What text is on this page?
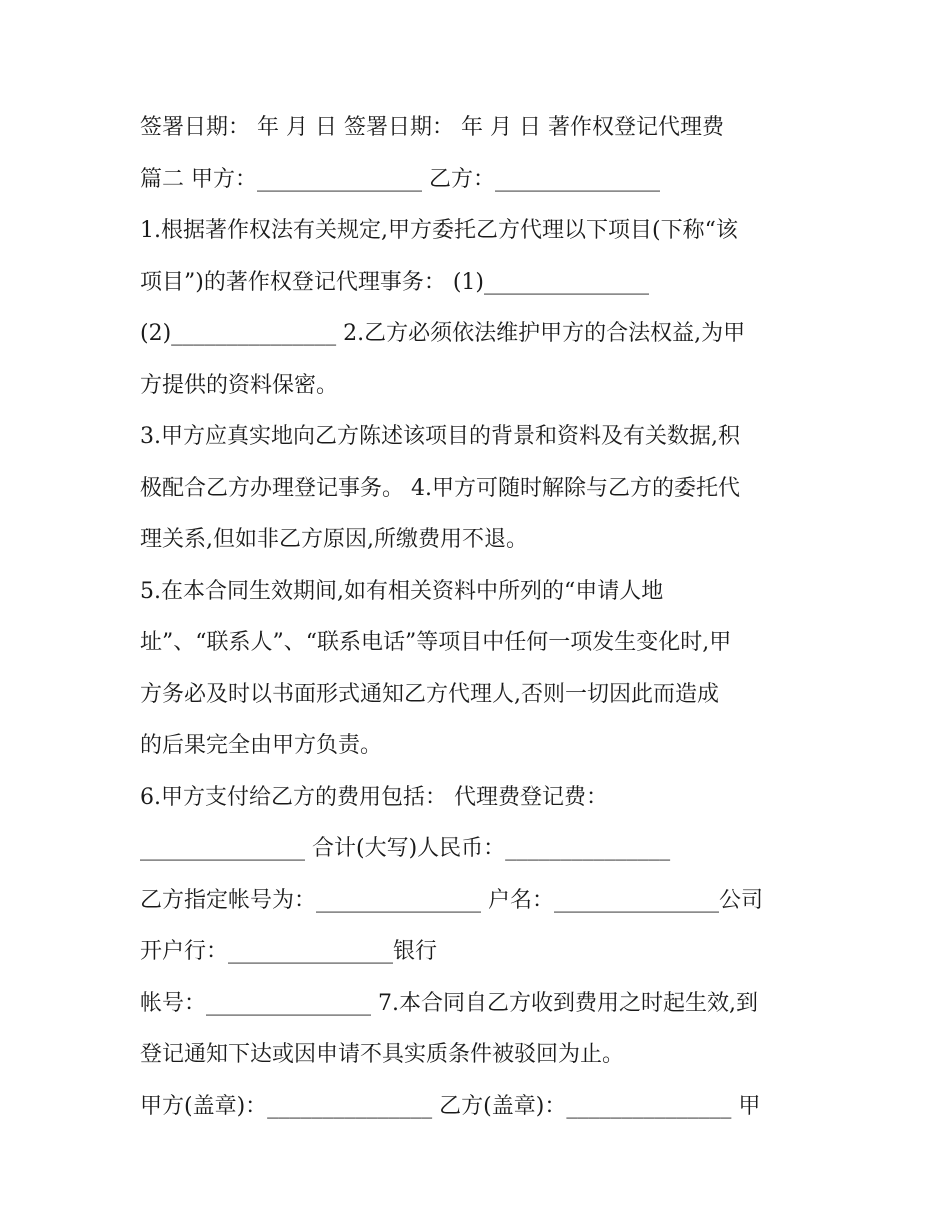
签署日期： 年 月 日 签署日期： 年 月 日 著作权登记代理费
篇二 甲方：_______________ 乙方：_______________
1.根据著作权法有关规定,甲方委托乙方代理以下项目(下称“该
项目”)的著作权登记代理事务： (1)_______________
(2)_______________ 2.乙方必须依法维护甲方的合法权益,为甲
方提供的资料保密。
3.甲方应真实地向乙方陈述该项目的背景和资料及有关数据,积
极配合乙方办理登记事务。 4.甲方可随时解除与乙方的委托代
理关系,但如非乙方原因,所缴费用不退。
5.在本合同生效期间,如有相关资料中所列的“申请人地
址”、“联系人”、“联系电话”等项目中任何一项发生变化时,甲
方务必及时以书面形式通知乙方代理人,否则一切因此而造成
的后果完全由甲方负责。
6.甲方支付给乙方的费用包括： 代理费登记费：
_______________ 合计(大写)人民币：_______________
乙方指定帐号为：_______________ 户名：_______________公司
开户行：_______________银行
帐号：_______________ 7.本合同自乙方收到费用之时起生效,到
登记通知下达或因申请不具实质条件被驳回为止。
甲方(盖章)：_______________ 乙方(盖章)：_______________ 甲
